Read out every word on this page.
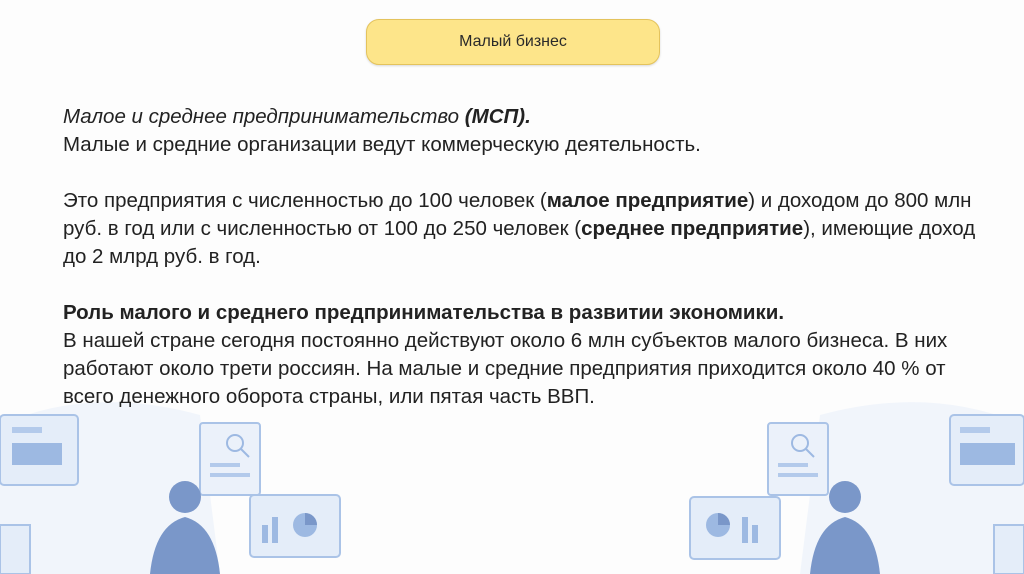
Малый бизнес

Малое и среднее предпринимательство (МСП).

Малые и средние организации ведут коммерческую деятельность.

Это предприятия с численностью до 100 человек (малое предприятие) и доходом до 800 млн руб. в год или с численностью от 100 до 250 человек (среднее предприятие), имеющие доход до 2 млрд руб. в год.

Роль малого и среднего предпринимательства в развитии экономики.

В нашей стране сегодня постоянно действуют около 6 млн субъектов малого бизнеса. В них работают около трети россиян. На малые и средние предприятия приходится около 40 % от всего денежного оборота страны, или пятая часть ВВП.
